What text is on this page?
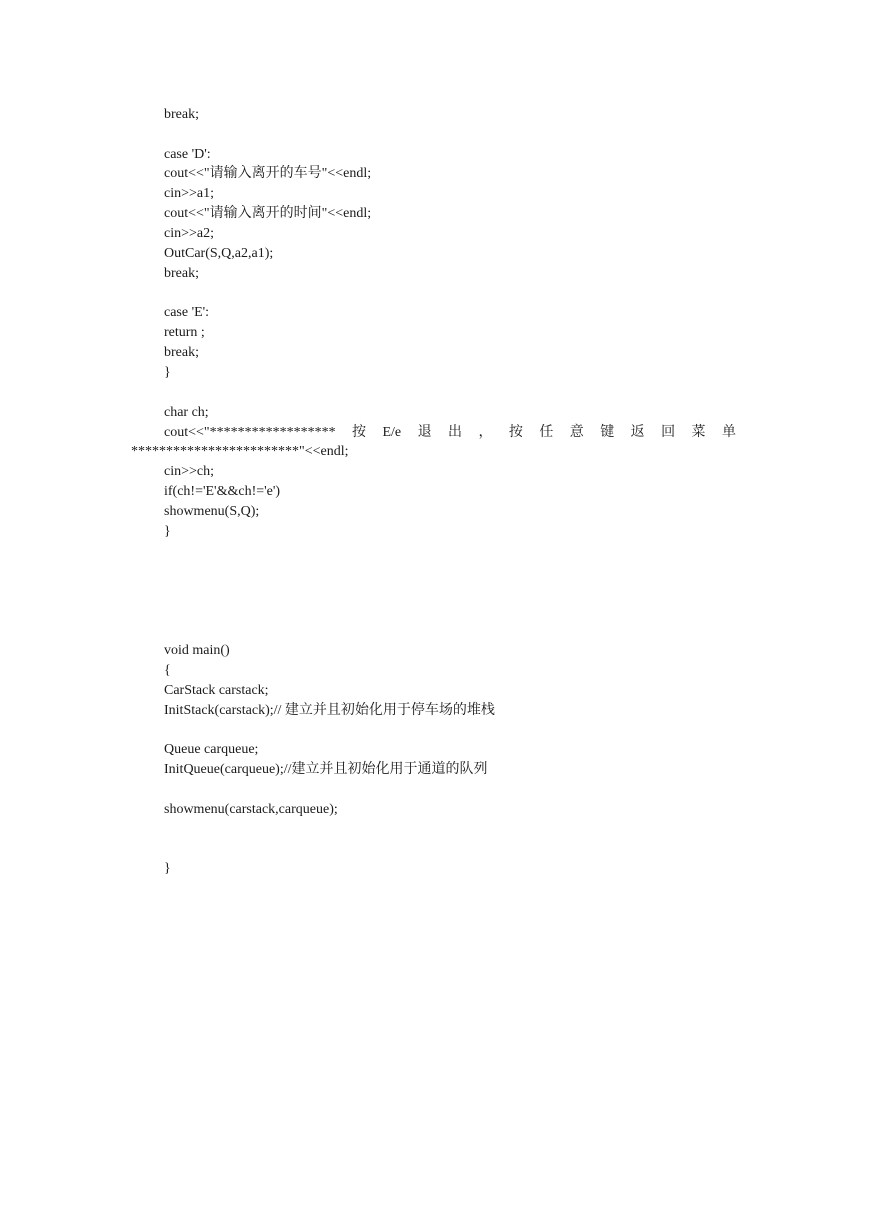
break;

case 'D':

cout<<"请输入离开的车号"<<endl;

cin>>a1;

cout<<"请输入离开的时间"<<endl;

cin>>a2;

OutCar(S,Q,a2,a1);

break;

case 'E':

return ;

break;

}

char ch;

cout<<"****************** 按 E/e 退 出 ， 按 任 意 键 返 回 菜 单

************************"<<endl;

cin>>ch;

if(ch!='E'&&ch!='e')

showmenu(S,Q);

}

void main()

{

CarStack carstack;

InitStack(carstack);// 建立并且初始化用于停车场的堆栈

Queue carqueue;

InitQueue(carqueue);//建立并且初始化用于通道的队列

showmenu(carstack,carqueue);

}
